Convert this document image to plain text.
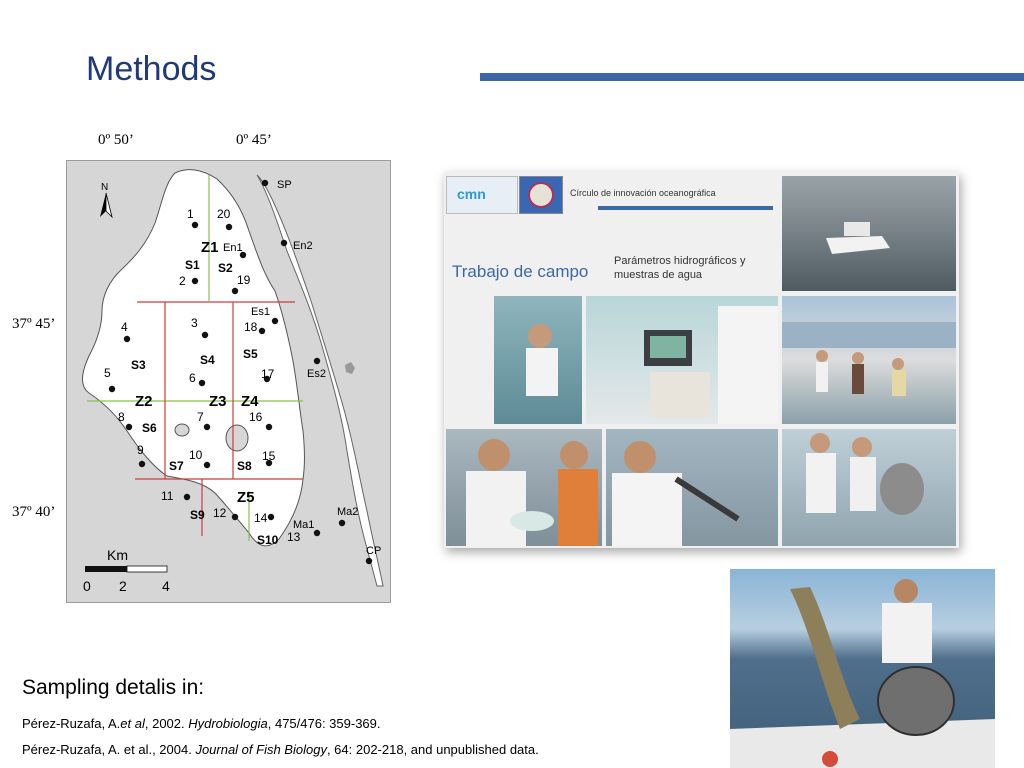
Methods
0º 50’	0º 45’
37º 45’
37º 40’
N
1
2
3
4
5	6
7
8
9	10
11
12
13
14
15
16
17
18
19
20
SP
En1	En2
Es1
Es2
Ma1
Ma2
CP
Z1
Z2	Z3 Z4
Z5
S1 S2
S3	S4 S5
S6
S7	S8
S9
S10
Km
0 2	4
cmn	Círculo de innovación oceanográfica
Trabajo de campo
Parámetros hidrográficos y
muestras de agua
Sampling detalis in:
Pérez-Ruzafa, A.et al, 2002. Hydrobiologia, 475/476: 359-369.
Pérez-Ruzafa, A. et al., 2004. Journal of Fish Biology, 64: 202-218, and unpublished data.
